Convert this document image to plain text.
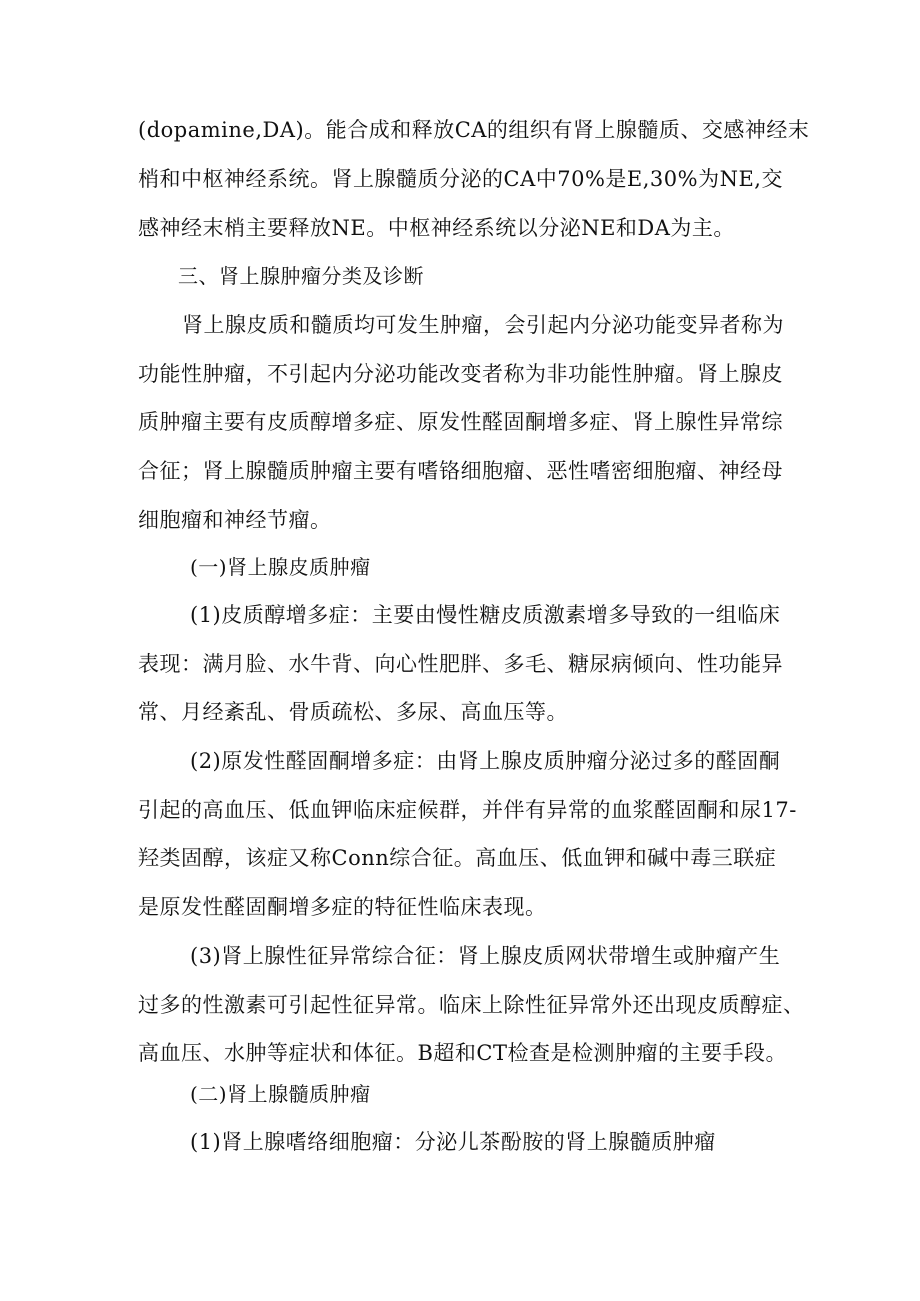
(dopamine,DA)。能合成和释放CA的组织有肾上腺髓质、交感神经末
梢和中枢神经系统。肾上腺髓质分泌的CA中70%是E,30%为NE,交
感神经末梢主要释放NE。中枢神经系统以分泌NE和DA为主。
三、肾上腺肿瘤分类及诊断
肾上腺皮质和髓质均可发生肿瘤，会引起内分泌功能变异者称为
功能性肿瘤，不引起内分泌功能改变者称为非功能性肿瘤。肾上腺皮
质肿瘤主要有皮质醇增多症、原发性醛固酮增多症、肾上腺性异常综
合征；肾上腺髓质肿瘤主要有嗜铬细胞瘤、恶性嗜密细胞瘤、神经母
细胞瘤和神经节瘤。
(一)肾上腺皮质肿瘤
(1)皮质醇增多症：主要由慢性糖皮质激素增多导致的一组临床
表现：满月脸、水牛背、向心性肥胖、多毛、糖尿病倾向、性功能异
常、月经紊乱、骨质疏松、多尿、高血压等。
(2)原发性醛固酮增多症：由肾上腺皮质肿瘤分泌过多的醛固酮
引起的高血压、低血钾临床症候群，并伴有异常的血浆醛固酮和尿17-
羟类固醇，该症又称Conn综合征。高血压、低血钾和碱中毒三联症
是原发性醛固酮增多症的特征性临床表现。
(3)肾上腺性征异常综合征：肾上腺皮质网状带增生或肿瘤产生
过多的性激素可引起性征异常。临床上除性征异常外还出现皮质醇症、
高血压、水肿等症状和体征。B超和CT检查是检测肿瘤的主要手段。
(二)肾上腺髓质肿瘤
(1)肾上腺嗜络细胞瘤：分泌儿茶酚胺的肾上腺髓质肿瘤
